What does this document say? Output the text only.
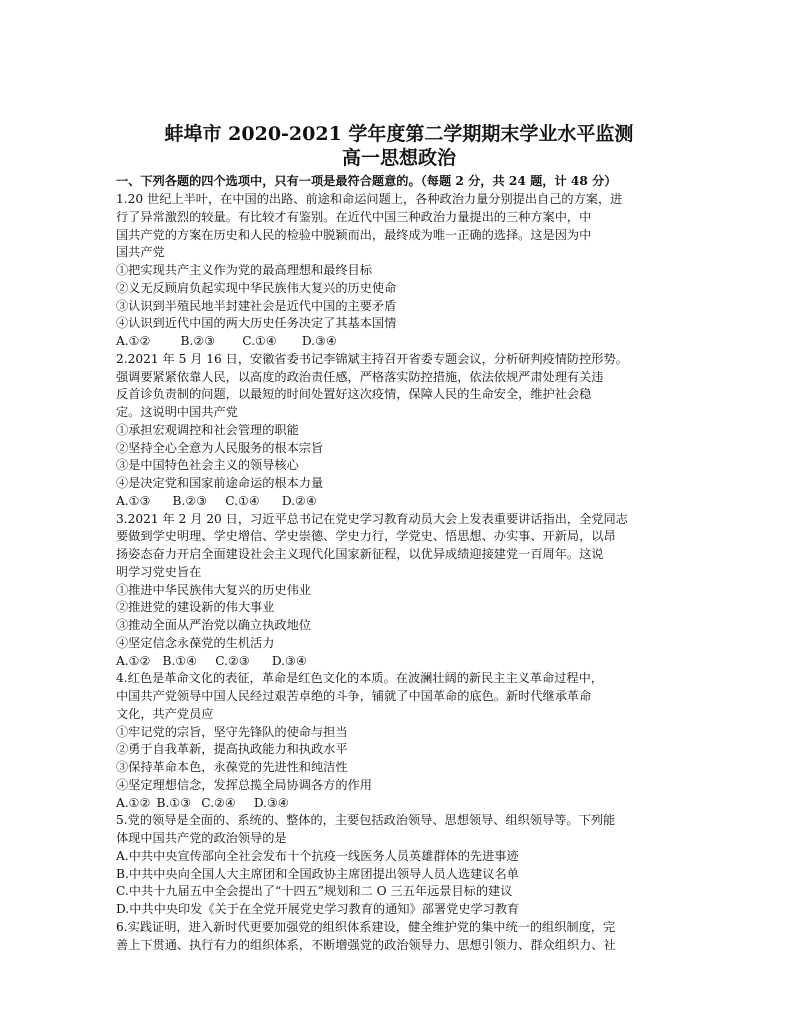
蚌埠市 2020-2021 学年度第二学期期末学业水平监测
高一思想政治
一、下列各题的四个选项中，只有一项是最符合题意的。（每题 2 分，共 24 题，计 48 分）
1.20 世纪上半叶，在中国的出路、前途和命运问题上，各种政治力量分别提出自己的方案，进
行了异常激烈的较量。有比较才有鉴别。在近代中国三种政治力量提出的三种方案中，中
国共产党的方案在历史和人民的检验中脱颖而出，最终成为唯一正确的选择。这是因为中
国共产党
①把实现共产主义作为党的最高理想和最终目标
②义无反顾肩负起实现中华民族伟大复兴的历史使命
③认识到半殖民地半封建社会是近代中国的主要矛盾
④认识到近代中国的两大历史任务决定了其基本国情
A.①② B.②③ C.①④ D.③④
2.2021 年 5 月 16 日，安徽省委书记李锦斌主持召开省委专题会议，分析研判疫情防控形势。
强调要紧紧依靠人民，以高度的政治责任感，严格落实防控措施，依法依规严肃处理有关违
反首诊负责制的问题，以最短的时间处置好这次疫情，保障人民的生命安全，维护社会稳
定。这说明中国共产党
①承担宏观调控和社会管理的职能
②坚持全心全意为人民服务的根本宗旨
③是中国特色社会主义的领导核心
④是决定党和国家前途命运的根本力量
A.①③ B.②③ C.①④ D.②④
3.2021 年 2 月 20 日，习近平总书记在党史学习教育动员大会上发表重要讲话指出，全党同志
要做到学史明理、学史增信、学史崇德、学史力行，学党史、悟思想、办实事、开新局，以昂
扬姿态奋力开启全面建设社会主义现代化国家新征程，以优异成绩迎接建党一百周年。这说
明学习党史旨在
①推进中华民族伟大复兴的历史伟业
②推进党的建设新的伟大事业
③推动全面从严治党以确立执政地位
④坚定信念永葆党的生机活力
A.①② B.①④ C.②③ D.③④
4.红色是革命文化的表征，革命是红色文化的本质。在波澜壮阔的新民主主义革命过程中，
中国共产党领导中国人民经过艰苦卓绝的斗争，铺就了中国革命的底色。新时代继承革命
文化，共产党员应
①牢记党的宗旨，坚守先锋队的使命与担当
②勇于自我革新，提高执政能力和执政水平
③保持革命本色，永葆党的先进性和纯洁性
④坚定理想信念，发挥总揽全局协调各方的作用
A.①② B.①③ C.②④ D.③④
5.党的领导是全面的、系统的、整体的，主要包括政治领导、思想领导、组织领导等。下列能
体现中国共产党的政治领导的是
A.中共中央宣传部向全社会发布十个抗疫一线医务人员英雄群体的先进事迹
B.中共中央向全国人大主席团和全国政协主席团提出领导人员人选建议名单
C.中共十九届五中全会提出了“十四五”规划和二 O 三五年远景目标的建议
D.中共中央印发《关于在全党开展党史学习教育的通知》部署党史学习教育
6.实践证明，进入新时代更要加强党的组织体系建设，健全维护党的集中统一的组织制度，完
善上下贯通、执行有力的组织体系，不断增强党的政治领导力、思想引领力、群众组织力、社
